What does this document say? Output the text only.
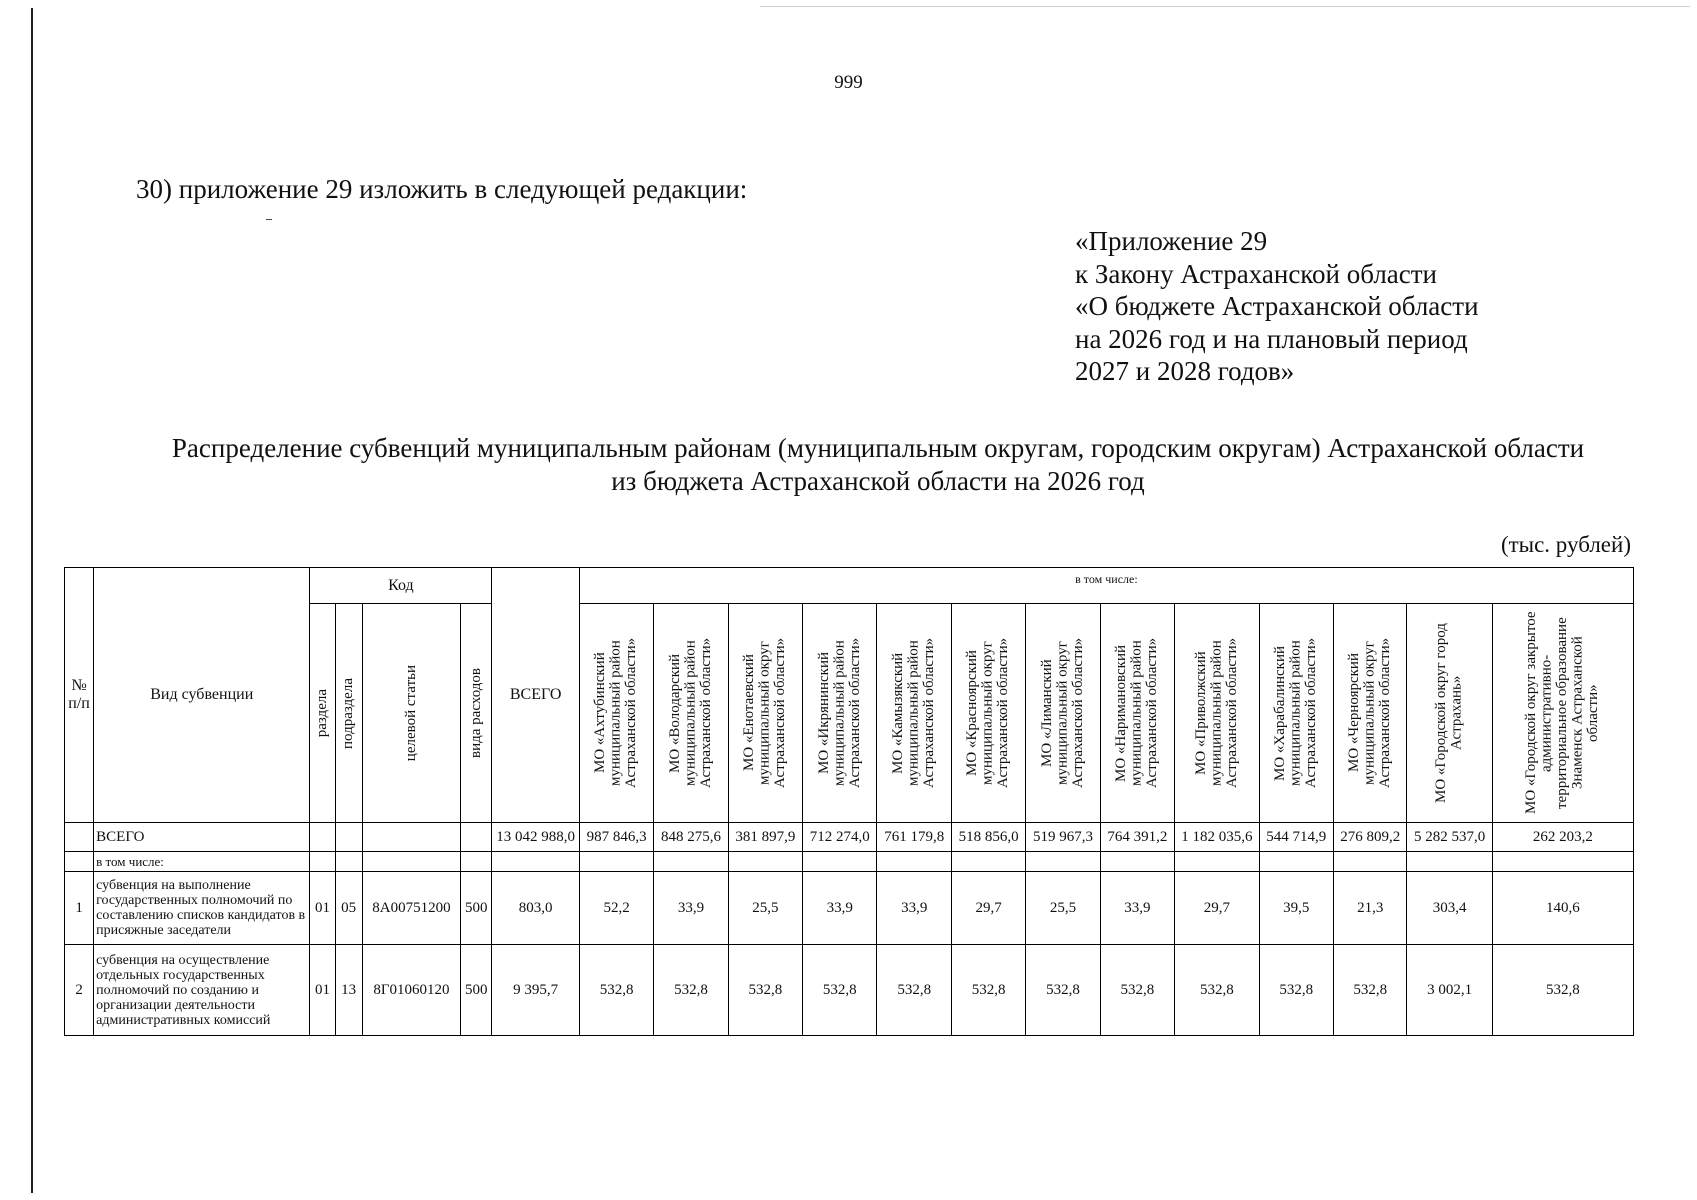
999
30) приложение 29 изложить в следующей редакции:
«Приложение 29
к Закону Астраханской области
«О бюджете Астраханской области
на 2026 год и на плановый период
2027 и 2028 годов»
Распределение субвенций муниципальным районам (муниципальным округам, городским округам) Астраханской области
из бюджета Астраханской области на 2026 год
(тыс. рублей)
№ п/п	Вид субвенции	Код				ВСЕГО	в том числе:												

		раздела	подраздела	целевой статьи	вида расходов		МО «Ахтубинский муниципальный район Астраханской области»	МО «Володарский муниципальный район Астраханской области»	МО «Енотаевский муниципальный округ Астраханской области»	МО «Икрянинский муниципальный район Астраханской области»	МО «Камызякский муниципальный район Астраханской области»	МО «Красноярский муниципальный округ Астраханской области»	МО «Лиманский муниципальный округ Астраханской области»	МО «Наримановский муниципальный район Астраханской области»	МО «Приволжский муниципальный район Астраханской области»	МО «Харабалинский муниципальный район Астраханской области»	МО «Черноярский муниципальный округ Астраханской области»	МО «Городской округ город Астрахань»	МО «Городской округ закрытое административно-территориальное образование Знаменск Астраханской области»

	ВСЕГО					13 042 988,0	987 846,3	848 275,6	381 897,9	712 274,0	761 179,8	518 856,0	519 967,3	764 391,2	1 182 035,6	544 714,9	276 809,2	5 282 537,0	262 203,2
	в том числе:																		
1	субвенция на выполнение государственных полномочий по составлению списков кандидатов в присяжные заседатели	01	05	8А00751200	500	803,0	52,2	33,9	25,5	33,9	33,9	29,7	25,5	33,9	29,7	39,5	21,3	303,4	140,6
2	субвенция на осуществление отдельных государственных полномочий по созданию и организации деятельности административных комиссий	01	13	8Г01060120	500	9 395,7	532,8	532,8	532,8	532,8	532,8	532,8	532,8	532,8	532,8	532,8	532,8	3 002,1	532,8
